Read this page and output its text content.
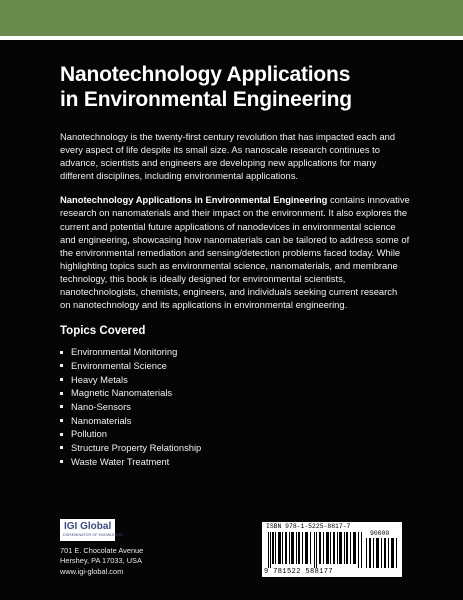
Nanotechnology Applications
in Environmental Engineering

Nanotechnology is the twenty-first century revolution that has impacted each and every aspect of life despite its small size. As nanoscale research continues to advance, scientists and engineers are developing new applications for many different disciplines, including environmental applications.

Nanotechnology Applications in Environmental Engineering contains innovative research on nanomaterials and their impact on the environment. It also explores the current and potential future applications of nanodevices in environmental science and engineering, showcasing how nanomaterials can be tailored to address some of the environmental remediation and sensing/detection problems faced today. While highlighting topics such as environmental science, nanomaterials, and membrane technology, this book is ideally designed for environmental scientists, nanotechnologists, chemists, engineers, and individuals seeking current research on nanotechnology and its applications in environmental engineering.

Topics Covered
Environmental Monitoring
Environmental Science
Heavy Metals
Magnetic Nanomaterials
Nano-Sensors
Nanomaterials
Pollution
Structure Property Relationship
Waste Water Treatment
IGI Global
DISSEMINATOR OF KNOWLEDGE
701 E. Chocolate Avenue
Hershey, PA 17033, USA
www.igi-global.com
ISBN 978-1-5225-8817-7
90000
9 781522 588177
